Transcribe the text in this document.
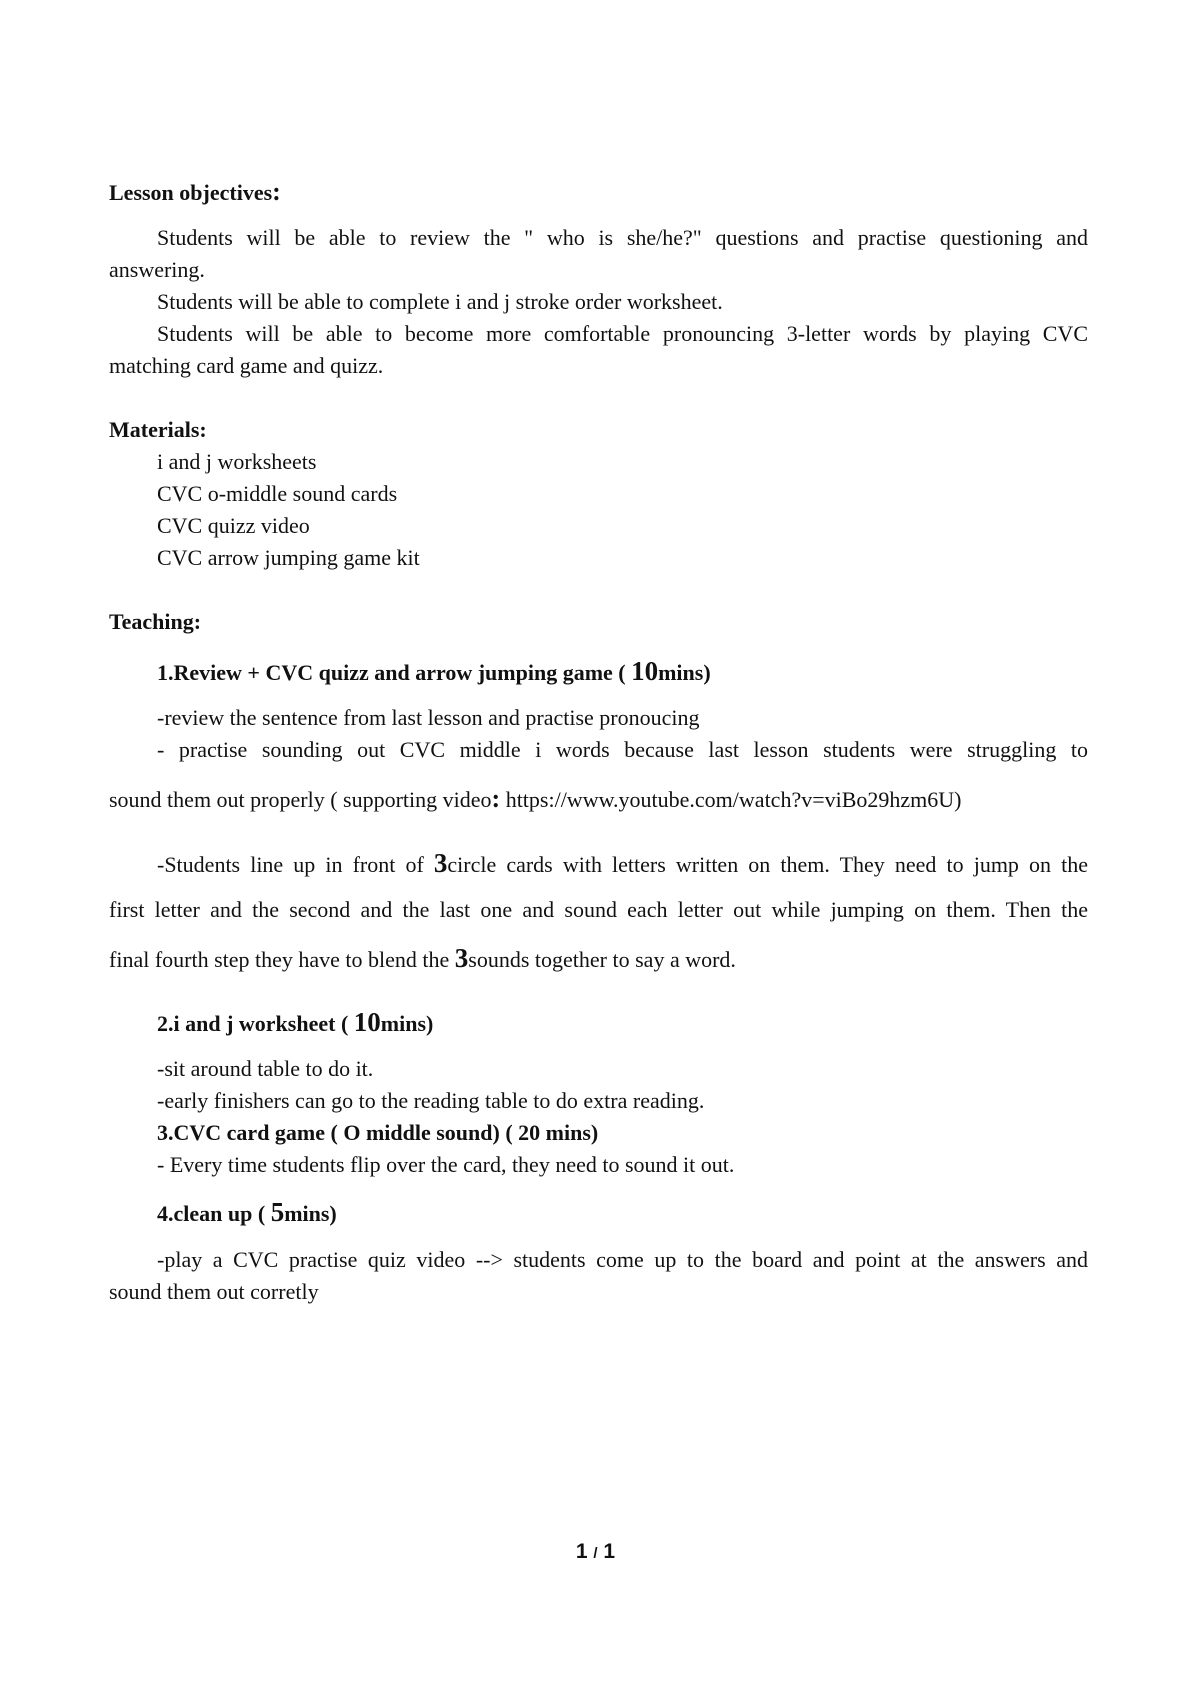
Lesson objectives:
Students will be able to review the " who is she/he?" questions and practise questioning and
answering.
Students will be able to complete i and j stroke order worksheet.
Students will be able to become more comfortable pronouncing 3-letter words by playing CVC
matching card game and quizz.
Materials:
i and j worksheets
CVC o-middle sound cards
CVC quizz video
CVC arrow jumping game kit
Teaching:
1.Review + CVC quizz and arrow jumping game ( 10mins)
-review the sentence from last lesson and practise pronoucing
- practise sounding out CVC middle i words because last lesson students were struggling to
sound them out properly ( supporting video: https://www.youtube.com/watch?v=viBo29hzm6U)
-Students line up in front of 3circle cards with letters written on them. They need to jump on the
first letter and the second and the last one and sound each letter out while jumping on them. Then the
final fourth step they have to blend the 3sounds together to say a word.
2.i and j worksheet ( 10mins)
-sit around table to do it.
-early finishers can go to the reading table to do extra reading.
3.CVC card game ( O middle sound) ( 20 mins)
- Every time students flip over the card, they need to sound it out.
4.clean up ( 5mins)
-play a CVC practise quiz video --> students come up to the board and point at the answers and
sound them out corretly
1 / 1
